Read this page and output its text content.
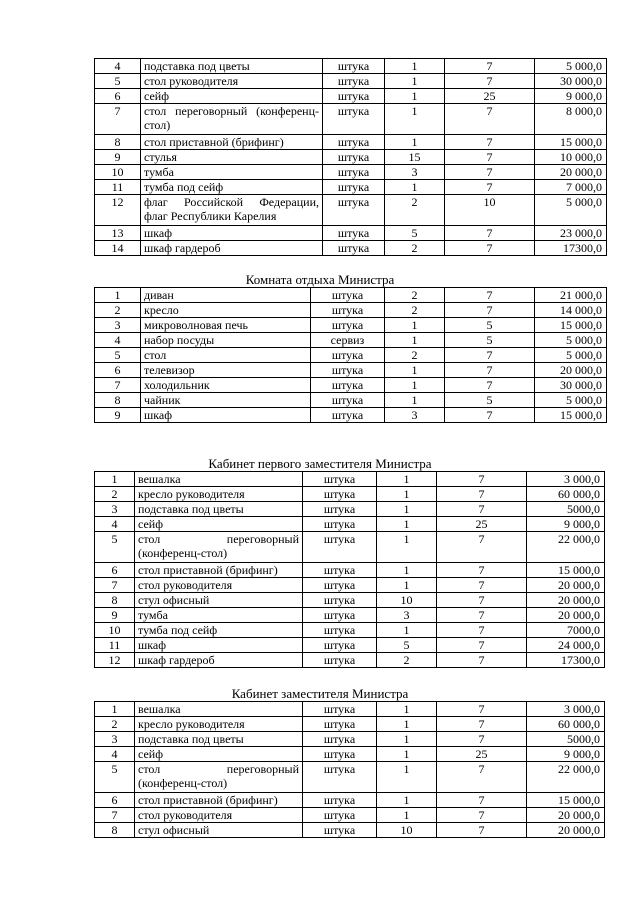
4	подставка под цветы	штука	1	7	5 000,0
5	стол руководителя	штука	1	7	30 000,0
6	сейф	штука	1	25	9 000,0
7	стол переговорный (конференц-стол)	штука	1	7	8 000,0
8	стол приставной (брифинг)	штука	1	7	15 000,0
9	стулья	штука	15	7	10 000,0
10	тумба	штука	3	7	20 000,0
11	тумба под сейф	штука	1	7	7 000,0
12	флаг Российской Федерации, флаг Республики Карелия	штука	2	10	5 000,0
13	шкаф	штука	5	7	23 000,0
14	шкаф гардероб	штука	2	7	17300,0
Комната отдыха Министра
1	диван	штука	2	7	21 000,0
2	кресло	штука	2	7	14 000,0
3	микроволновая печь	штука	1	5	15 000,0
4	набор посуды	сервиз	1	5	5 000,0
5	стол	штука	2	7	5 000,0
6	телевизор	штука	1	7	20 000,0
7	холодильник	штука	1	7	30 000,0
8	чайник	штука	1	5	5 000,0
9	шкаф	штука	3	7	15 000,0
Кабинет первого заместителя Министра
1	вешалка	штука	1	7	3 000,0
2	кресло руководителя	штука	1	7	60 000,0
3	подставка под цветы	штука	1	7	5000,0
4	сейф	штука	1	25	9 000,0
5	стол переговорный (конференц-стол)	штука	1	7	22 000,0
6	стол приставной (брифинг)	штука	1	7	15 000,0
7	стол руководителя	штука	1	7	20 000,0
8	стул офисный	штука	10	7	20 000,0
9	тумба	штука	3	7	20 000,0
10	тумба под сейф	штука	1	7	7000,0
11	шкаф	штука	5	7	24 000,0
12	шкаф гардероб	штука	2	7	17300,0
Кабинет заместителя Министра
1	вешалка	штука	1	7	3 000,0
2	кресло руководителя	штука	1	7	60 000,0
3	подставка под цветы	штука	1	7	5000,0
4	сейф	штука	1	25	9 000,0
5	стол переговорный (конференц-стол)	штука	1	7	22 000,0
6	стол приставной (брифинг)	штука	1	7	15 000,0
7	стол руководителя	штука	1	7	20 000,0
8	стул офисный	штука	10	7	20 000,0
